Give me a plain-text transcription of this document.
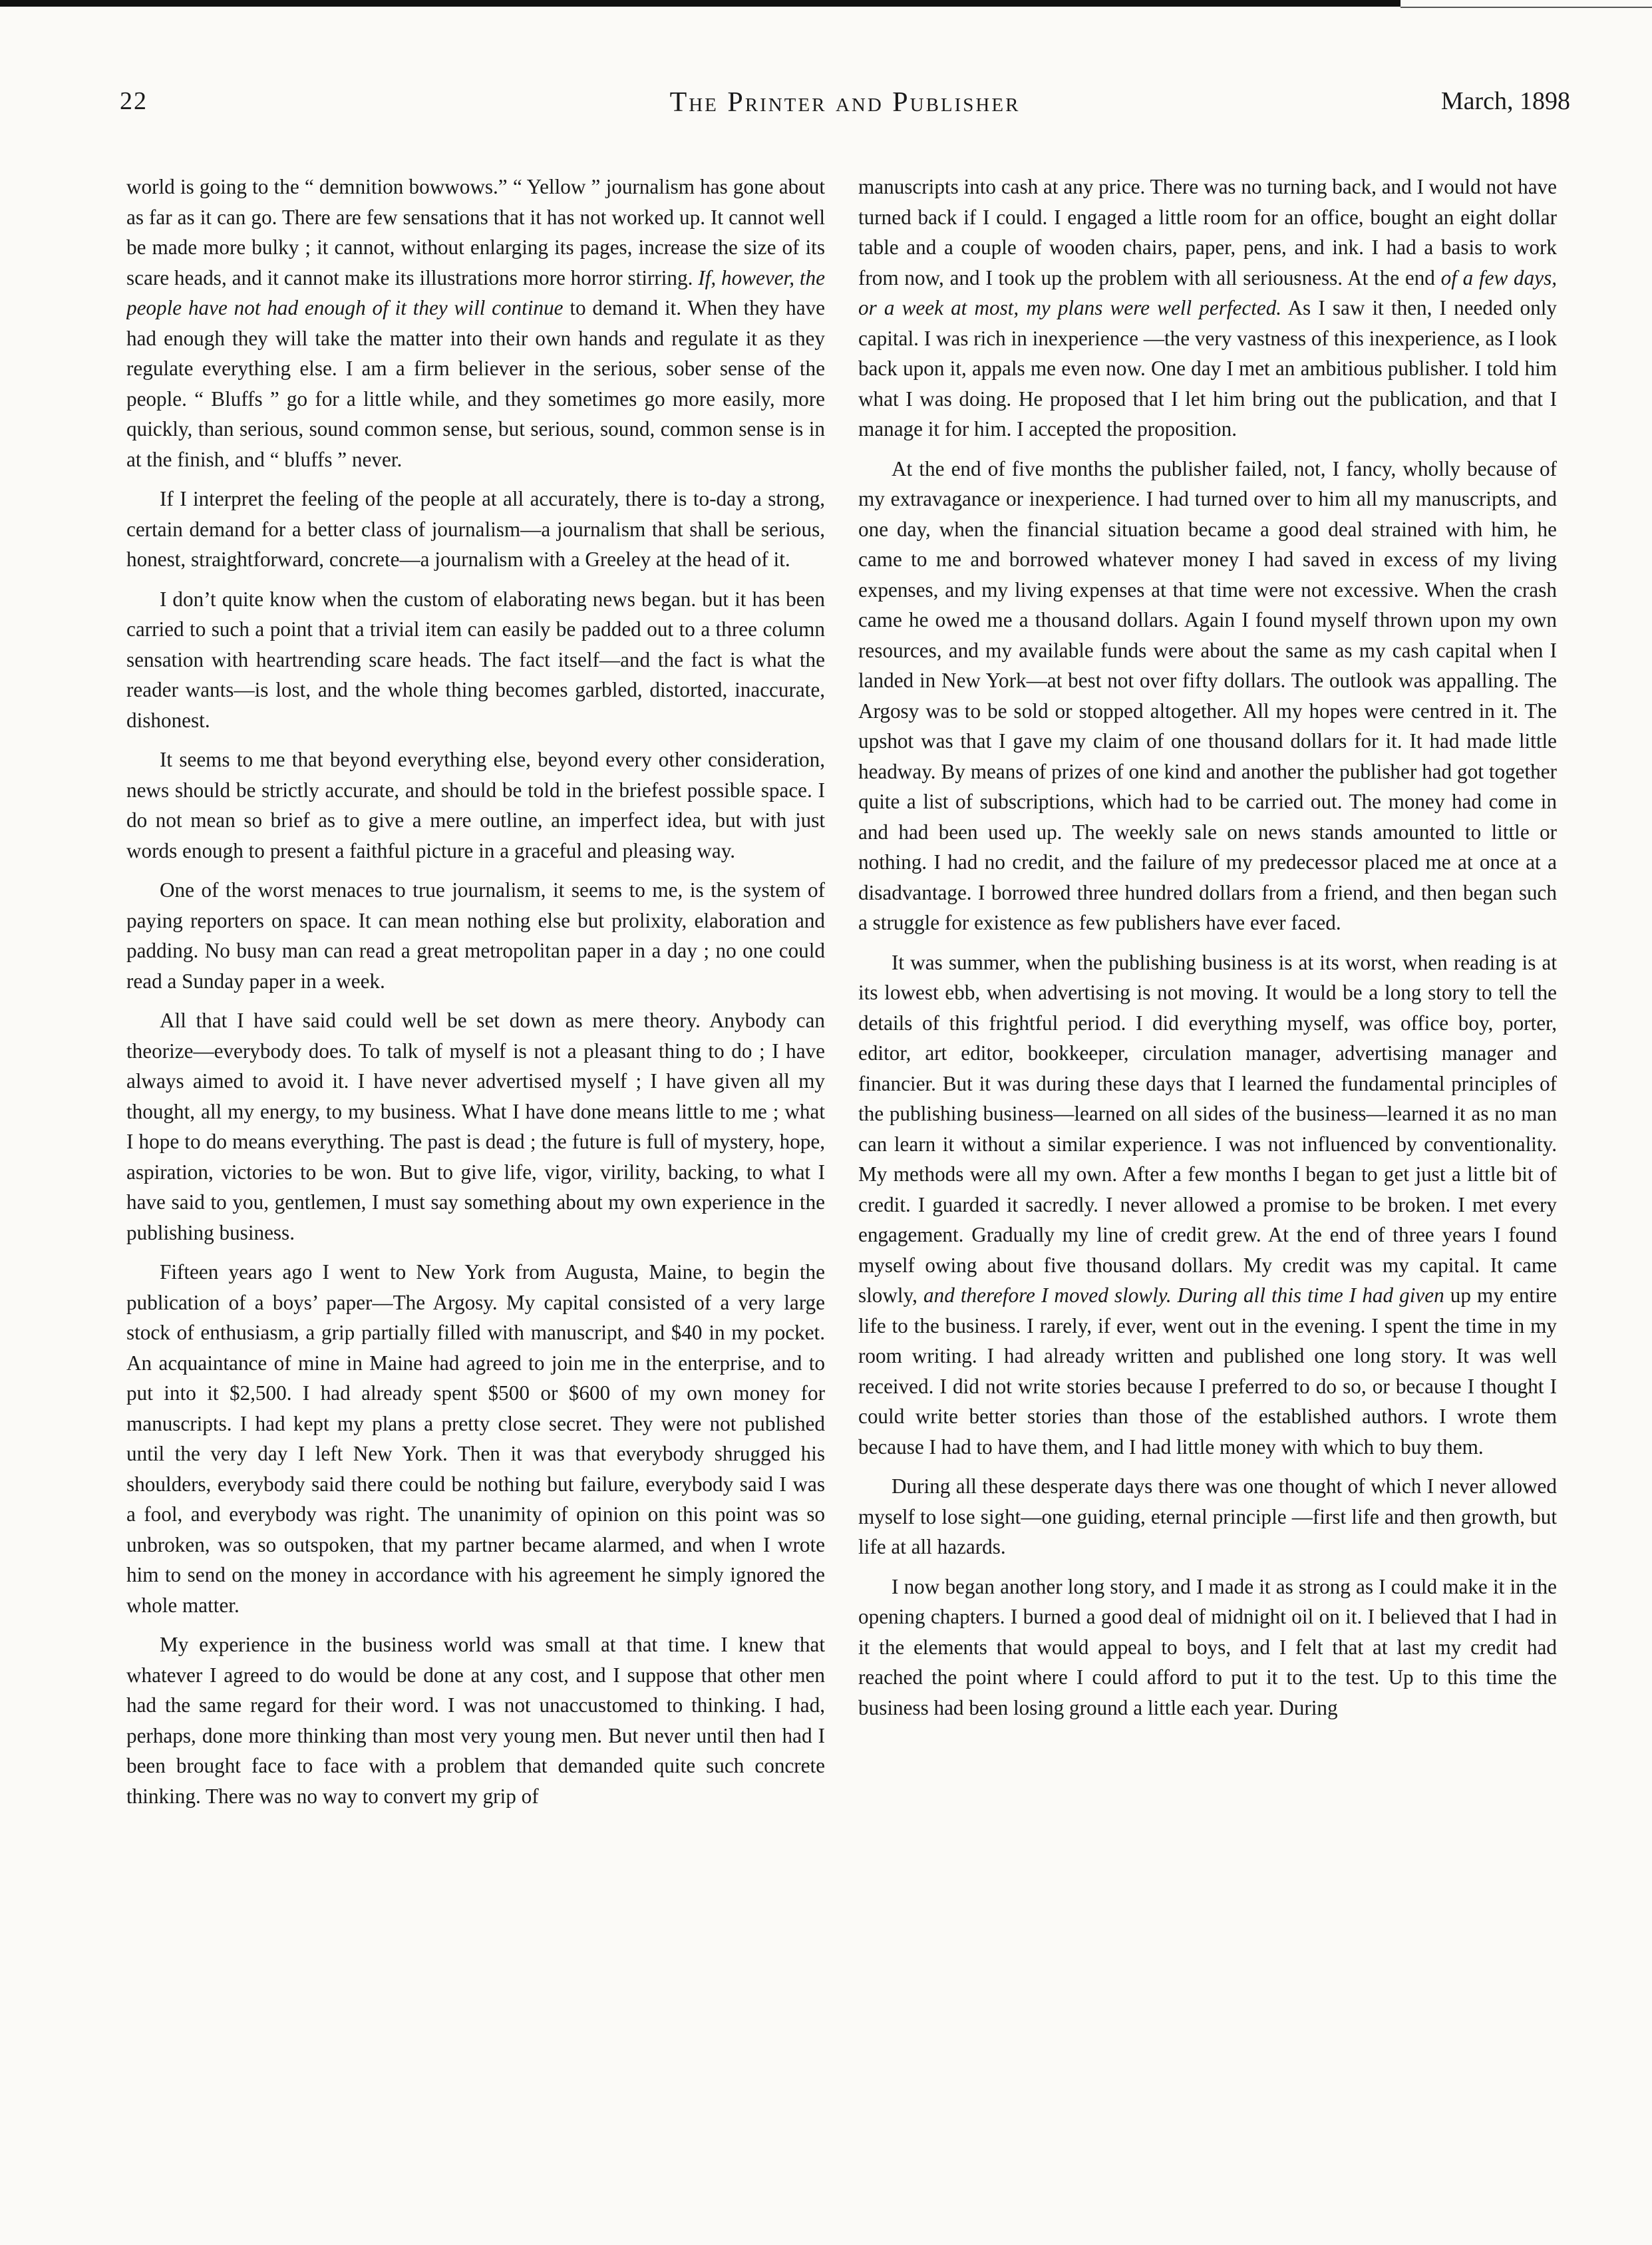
22	The Printer and Publisher	March, 1898

world is going to the “ demnition bowwows.” “ Yellow ” journalism has gone about as far as it can go. There are few sensations that it has not worked up. It cannot well be made more bulky ; it cannot, without enlarging its pages, increase the size of its scare heads, and it cannot make its illustrations more horror stirring. If, however, the people have not had enough of it they will continue to demand it. When they have had enough they will take the matter into their own hands and regulate it as they regulate everything else. I am a firm believer in the serious, sober sense of the people. “ Bluffs ” go for a little while, and they sometimes go more easily, more quickly, than serious, sound common sense, but serious, sound, common sense is in at the finish, and “ bluffs ” never.

If I interpret the feeling of the people at all accurately, there is to-day a strong, certain demand for a better class of journalism—a journalism that shall be serious, honest, straightforward, concrete—a journalism with a Greeley at the head of it.

I don’t quite know when the custom of elaborating news began. but it has been carried to such a point that a trivial item can easily be padded out to a three column sensation with heartrending scare heads. The fact itself—and the fact is what the reader wants—is lost, and the whole thing becomes garbled, distorted, inaccurate, dishonest.

It seems to me that beyond everything else, beyond every other consideration, news should be strictly accurate, and should be told in the briefest possible space. I do not mean so brief as to give a mere outline, an imperfect idea, but with just words enough to present a faithful picture in a graceful and pleasing way.

One of the worst menaces to true journalism, it seems to me, is the system of paying reporters on space. It can mean nothing else but prolixity, elaboration and padding. No busy man can read a great metropolitan paper in a day ; no one could read a Sunday paper in a week.

All that I have said could well be set down as mere theory. Anybody can theorize—everybody does. To talk of myself is not a pleasant thing to do ; I have always aimed to avoid it. I have never advertised myself ; I have given all my thought, all my energy, to my business. What I have done means little to me ; what I hope to do means everything. The past is dead ; the future is full of mystery, hope, aspiration, victories to be won. But to give life, vigor, virility, backing, to what I have said to you, gentlemen, I must say something about my own experience in the publishing business.

Fifteen years ago I went to New York from Augusta, Maine, to begin the publication of a boys’ paper—The Argosy. My capital consisted of a very large stock of enthusiasm, a grip partially filled with manuscript, and $40 in my pocket. An acquaintance of mine in Maine had agreed to join me in the enterprise, and to put into it $2,500. I had already spent $500 or $600 of my own money for manuscripts. I had kept my plans a pretty close secret. They were not published until the very day I left New York. Then it was that everybody shrugged his shoulders, everybody said there could be nothing but failure, everybody said I was a fool, and everybody was right. The unanimity of opinion on this point was so unbroken, was so outspoken, that my partner became alarmed, and when I wrote him to send on the money in accordance with his agreement he simply ignored the whole matter.

My experience in the business world was small at that time. I knew that whatever I agreed to do would be done at any cost, and I suppose that other men had the same regard for their word. I was not unaccustomed to thinking. I had, perhaps, done more thinking than most very young men. But never until then had I been brought face to face with a problem that demanded quite such concrete thinking. There was no way to convert my grip of

manuscripts into cash at any price. There was no turning back, and I would not have turned back if I could. I engaged a little room for an office, bought an eight dollar table and a couple of wooden chairs, paper, pens, and ink. I had a basis to work from now, and I took up the problem with all seriousness. At the end of a few days, or a week at most, my plans were well perfected. As I saw it then, I needed only capital. I was rich in inexperience —the very vastness of this inexperience, as I look back upon it, appals me even now. One day I met an ambitious publisher. I told him what I was doing. He proposed that I let him bring out the publication, and that I manage it for him. I accepted the proposition.

At the end of five months the publisher failed, not, I fancy, wholly because of my extravagance or inexperience. I had turned over to him all my manuscripts, and one day, when the financial situation became a good deal strained with him, he came to me and borrowed whatever money I had saved in excess of my living expenses, and my living expenses at that time were not excessive. When the crash came he owed me a thousand dollars. Again I found myself thrown upon my own resources, and my available funds were about the same as my cash capital when I landed in New York—at best not over fifty dollars. The outlook was appalling. The Argosy was to be sold or stopped altogether. All my hopes were centred in it. The upshot was that I gave my claim of one thousand dollars for it. It had made little headway. By means of prizes of one kind and another the publisher had got together quite a list of subscriptions, which had to be carried out. The money had come in and had been used up. The weekly sale on news stands amounted to little or nothing. I had no credit, and the failure of my predecessor placed me at once at a disadvantage. I borrowed three hundred dollars from a friend, and then began such a struggle for existence as few publishers have ever faced.

It was summer, when the publishing business is at its worst, when reading is at its lowest ebb, when advertising is not moving. It would be a long story to tell the details of this frightful period. I did everything myself, was office boy, porter, editor, art editor, bookkeeper, circulation manager, advertising manager and financier. But it was during these days that I learned the fundamental principles of the publishing business—learned on all sides of the business—learned it as no man can learn it without a similar experience. I was not influenced by conventionality. My methods were all my own. After a few months I began to get just a little bit of credit. I guarded it sacredly. I never allowed a promise to be broken. I met every engagement. Gradually my line of credit grew. At the end of three years I found myself owing about five thousand dollars. My credit was my capital. It came slowly, and therefore I moved slowly. During all this time I had given up my entire life to the business. I rarely, if ever, went out in the evening. I spent the time in my room writing. I had already written and published one long story. It was well received. I did not write stories because I preferred to do so, or because I thought I could write better stories than those of the established authors. I wrote them because I had to have them, and I had little money with which to buy them.

During all these desperate days there was one thought of which I never allowed myself to lose sight—one guiding, eternal principle —first life and then growth, but life at all hazards.

I now began another long story, and I made it as strong as I could make it in the opening chapters. I burned a good deal of midnight oil on it. I believed that I had in it the elements that would appeal to boys, and I felt that at last my credit had reached the point where I could afford to put it to the test. Up to this time the business had been losing ground a little each year. During
